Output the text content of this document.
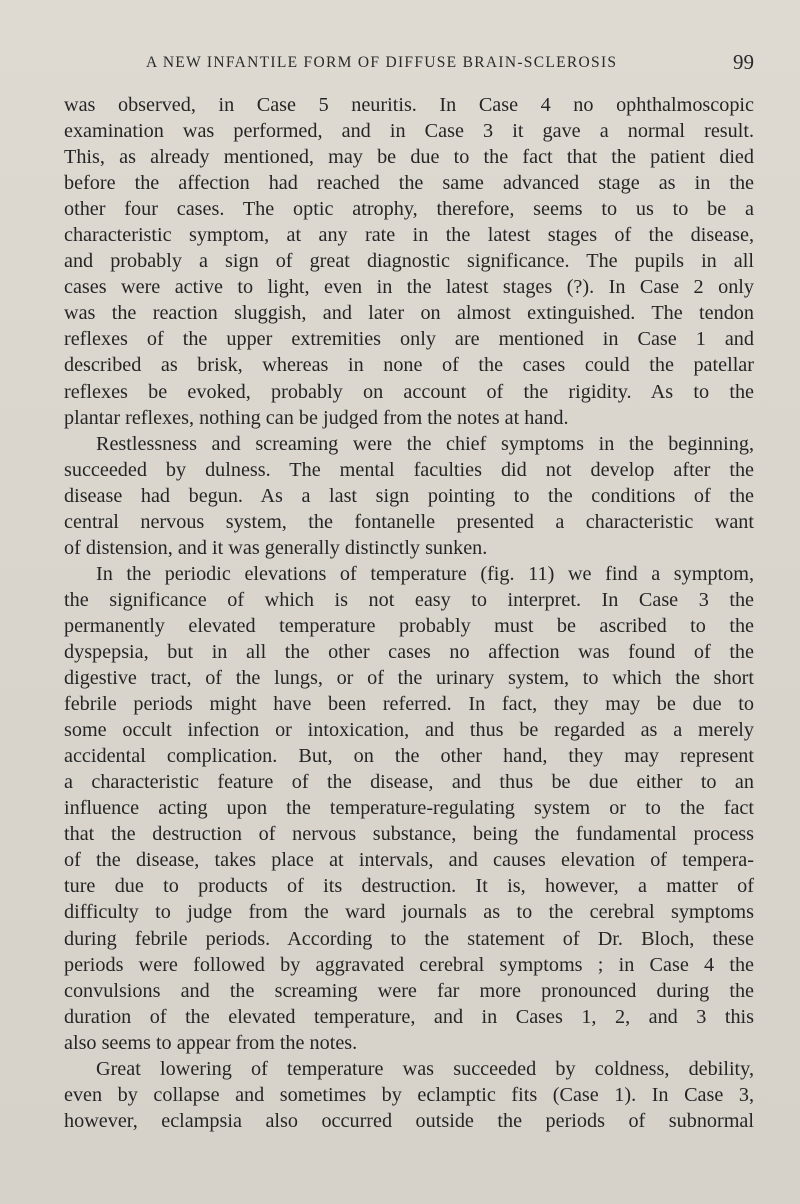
A NEW INFANTILE FORM OF DIFFUSE BRAIN-SCLEROSIS	99

was observed, in Case 5 neuritis. In Case 4 no ophthalmoscopic
examination was performed, and in Case 3 it gave a normal result.
This, as already mentioned, may be due to the fact that the patient died
before the affection had reached the same advanced stage as in the
other four cases. The optic atrophy, therefore, seems to us to be a
characteristic symptom, at any rate in the latest stages of the disease,
and probably a sign of great diagnostic significance. The pupils in all
cases were active to light, even in the latest stages (?). In Case 2 only
was the reaction sluggish, and later on almost extinguished. The tendon
reflexes of the upper extremities only are mentioned in Case 1 and
described as brisk, whereas in none of the cases could the patellar
reflexes be evoked, probably on account of the rigidity. As to the
plantar reflexes, nothing can be judged from the notes at hand.

Restlessness and screaming were the chief symptoms in the beginning,
succeeded by dulness. The mental faculties did not develop after the
disease had begun. As a last sign pointing to the conditions of the
central nervous system, the fontanelle presented a characteristic want
of distension, and it was generally distinctly sunken.

In the periodic elevations of temperature (fig. 11) we find a symptom,
the significance of which is not easy to interpret. In Case 3 the
permanently elevated temperature probably must be ascribed to the
dyspepsia, but in all the other cases no affection was found of the
digestive tract, of the lungs, or of the urinary system, to which the short
febrile periods might have been referred. In fact, they may be due to
some occult infection or intoxication, and thus be regarded as a merely
accidental complication. But, on the other hand, they may represent
a characteristic feature of the disease, and thus be due either to an
influence acting upon the temperature-regulating system or to the fact
that the destruction of nervous substance, being the fundamental process
of the disease, takes place at intervals, and causes elevation of tempera-
ture due to products of its destruction. It is, however, a matter of
difficulty to judge from the ward journals as to the cerebral symptoms
during febrile periods. According to the statement of Dr. Bloch, these
periods were followed by aggravated cerebral symptoms ; in Case 4 the
convulsions and the screaming were far more pronounced during the
duration of the elevated temperature, and in Cases 1, 2, and 3 this
also seems to appear from the notes.

Great lowering of temperature was succeeded by coldness, debility,
even by collapse and sometimes by eclamptic fits (Case 1). In Case 3,
however, eclampsia also occurred outside the periods of subnormal
